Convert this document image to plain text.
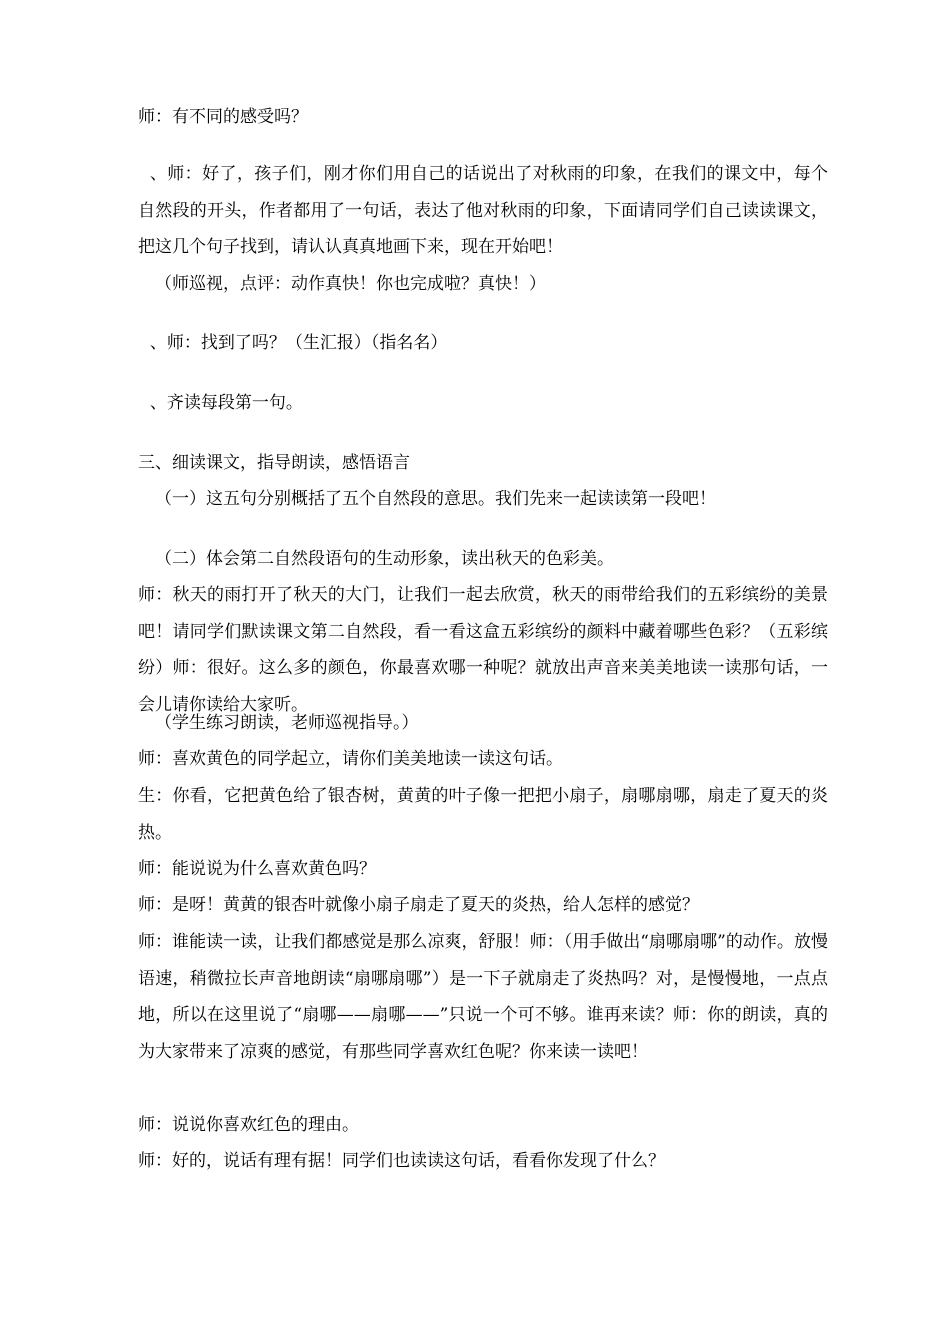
师：有不同的感受吗？

、师：好了，孩子们，刚才你们用自己的话说出了对秋雨的印象，在我们的课文中，每个自然段的开头，作者都用了一句话，表达了他对秋雨的印象，下面请同学们自己读读课文，把这几个句子找到，请认认真真地画下来，现在开始吧！

（师巡视，点评：动作真快！你也完成啦？真快！）

、师：找到了吗？（生汇报）（指名名）

、齐读每段第一句。

三、细读课文，指导朗读，感悟语言

（一）这五句分别概括了五个自然段的意思。我们先来一起读读第一段吧！

（二）体会第二自然段语句的生动形象，读出秋天的色彩美。

师：秋天的雨打开了秋天的大门，让我们一起去欣赏，秋天的雨带给我们的五彩缤纷的美景吧！请同学们默读课文第二自然段，看一看这盒五彩缤纷的颜料中藏着哪些色彩？（五彩缤纷）师：很好。这么多的颜色，你最喜欢哪一种呢？就放出声音来美美地读一读那句话，一会儿请你读给大家听。

（学生练习朗读，老师巡视指导。）

师：喜欢黄色的同学起立，请你们美美地读一读这句话。

生：你看，它把黄色给了银杏树，黄黄的叶子像一把把小扇子，扇哪扇哪，扇走了夏天的炎热。

师：能说说为什么喜欢黄色吗？

师：是呀！黄黄的银杏叶就像小扇子扇走了夏天的炎热，给人怎样的感觉？

师：谁能读一读，让我们都感觉是那么凉爽，舒服！师：（用手做出“扇哪扇哪”的动作。放慢语速，稍微拉长声音地朗读“扇哪扇哪”）是一下子就扇走了炎热吗？对，是慢慢地，一点点地，所以在这里说了“扇哪——扇哪——”只说一个可不够。谁再来读？师：你的朗读，真的为大家带来了凉爽的感觉，有那些同学喜欢红色呢？你来读一读吧！

师：说说你喜欢红色的理由。

师：好的，说话有理有据！同学们也读读这句话，看看你发现了什么？
